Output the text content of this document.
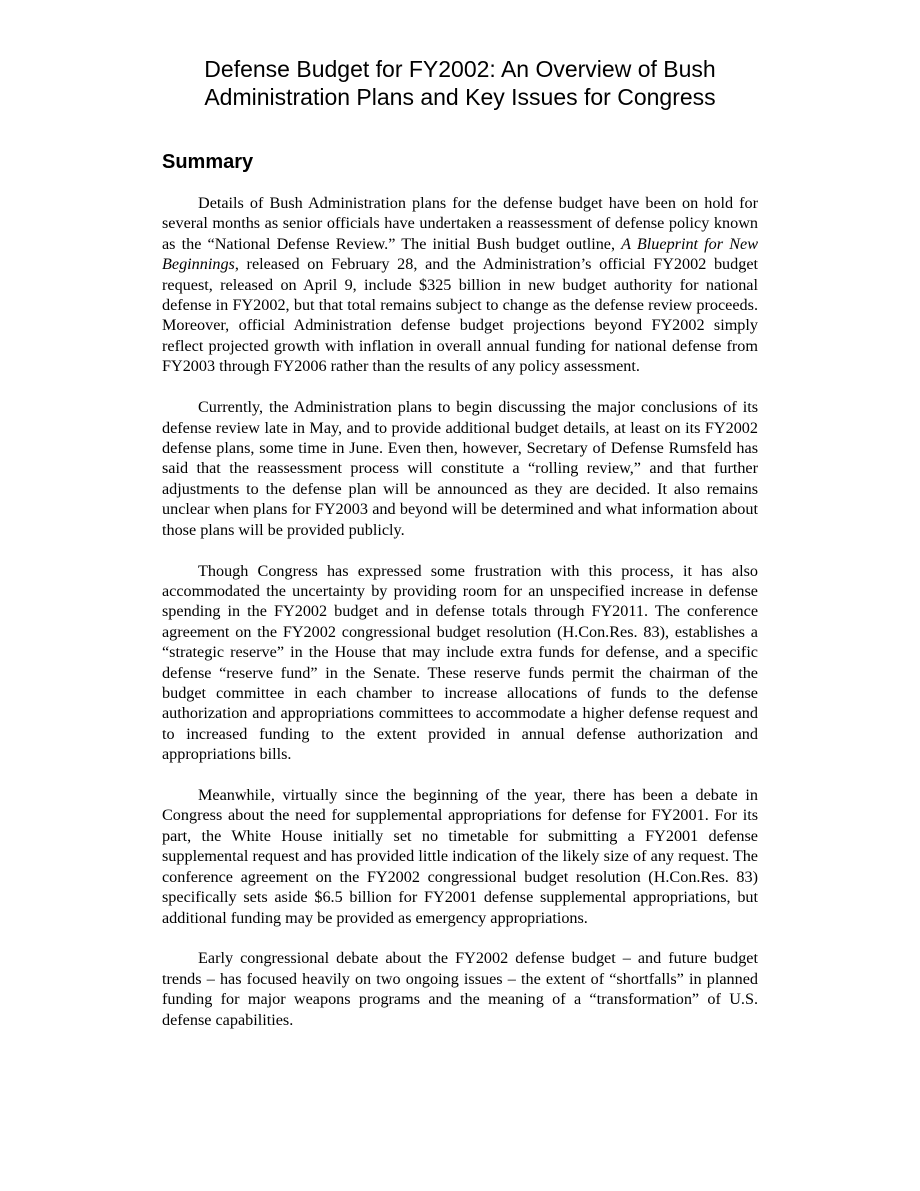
Defense Budget for FY2002: An Overview of Bush
Administration Plans and Key Issues for Congress
Summary

Details of Bush Administration plans for the defense budget have been on hold for several months as senior officials have undertaken a reassessment of defense policy known as the “National Defense Review.” The initial Bush budget outline, A Blueprint for New Beginnings, released on February 28, and the Administration’s official FY2002 budget request, released on April 9, include $325 billion in new budget authority for national defense in FY2002, but that total remains subject to change as the defense review proceeds. Moreover, official Administration defense budget projections beyond FY2002 simply reflect projected growth with inflation in overall annual funding for national defense from FY2003 through FY2006 rather than the results of any policy assessment.

Currently, the Administration plans to begin discussing the major conclusions of its defense review late in May, and to provide additional budget details, at least on its FY2002 defense plans, some time in June. Even then, however, Secretary of Defense Rumsfeld has said that the reassessment process will constitute a “rolling review,” and that further adjustments to the defense plan will be announced as they are decided. It also remains unclear when plans for FY2003 and beyond will be determined and what information about those plans will be provided publicly.

Though Congress has expressed some frustration with this process, it has also accommodated the uncertainty by providing room for an unspecified increase in defense spending in the FY2002 budget and in defense totals through FY2011. The conference agreement on the FY2002 congressional budget resolution (H.Con.Res. 83), establishes a “strategic reserve” in the House that may include extra funds for defense, and a specific defense “reserve fund” in the Senate. These reserve funds permit the chairman of the budget committee in each chamber to increase allocations of funds to the defense authorization and appropriations committees to accommodate a higher defense request and to increased funding to the extent provided in annual defense authorization and appropriations bills.

Meanwhile, virtually since the beginning of the year, there has been a debate in Congress about the need for supplemental appropriations for defense for FY2001. For its part, the White House initially set no timetable for submitting a FY2001 defense supplemental request and has provided little indication of the likely size of any request. The conference agreement on the FY2002 congressional budget resolution (H.Con.Res. 83) specifically sets aside $6.5 billion for FY2001 defense supplemental appropriations, but additional funding may be provided as emergency appropriations.

Early congressional debate about the FY2002 defense budget – and future budget trends – has focused heavily on two ongoing issues – the extent of “shortfalls” in planned funding for major weapons programs and the meaning of a “transformation” of U.S. defense capabilities.
